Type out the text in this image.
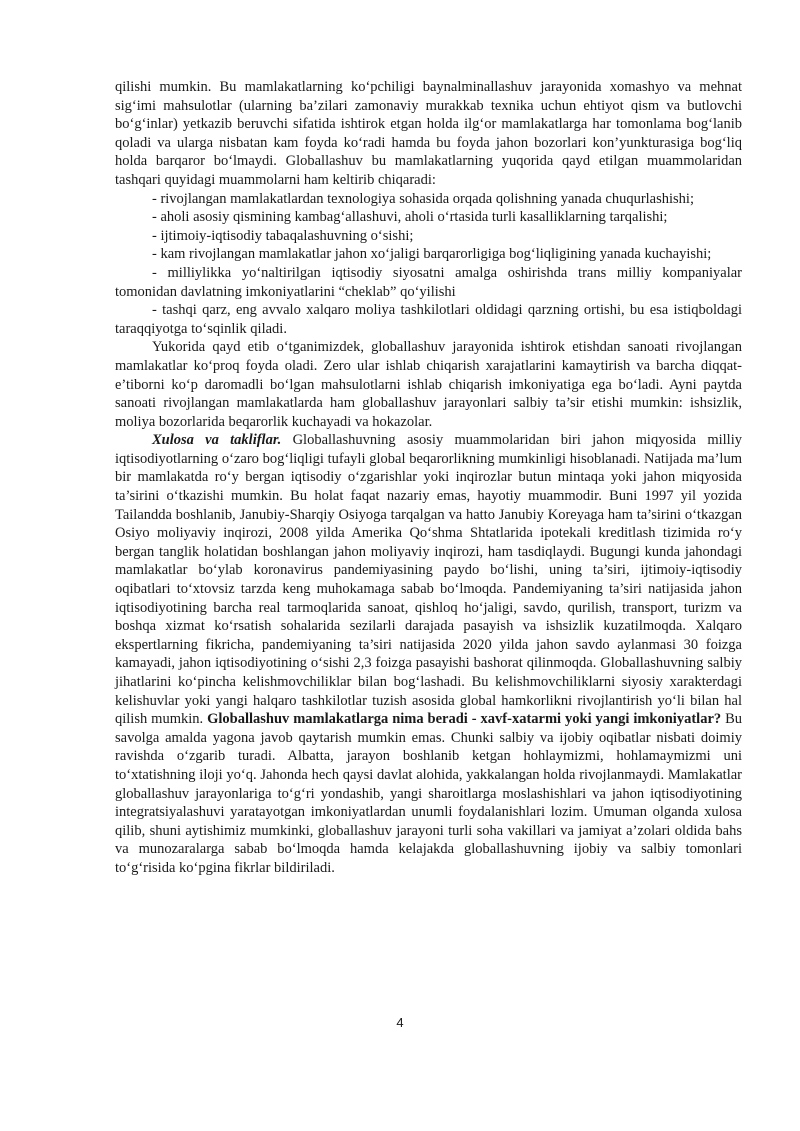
qilishi mumkin. Bu mamlakatlarning ko‘pchiligi baynalminallashuv jarayonida xomashyo va mehnat sig‘imi mahsulotlar (ularning ba’zilari zamonaviy murakkab texnika uchun ehtiyot qism va butlovchi bo‘g‘inlar) yetkazib beruvchi sifatida ishtirok etgan holda ilg‘or mamlakatlarga har tomonlama bog‘lanib qoladi va ularga nisbatan kam foyda ko‘radi hamda bu foyda jahon bozorlari kon’yunkturasiga bog‘liq holda barqaror bo‘lmaydi. Globallashuv bu mamlakatlarning yuqorida qayd etilgan muammolaridan tashqari quyidagi muammolarni ham keltirib chiqaradi:

- rivojlangan mamlakatlardan texnologiya sohasida orqada qolishning yanada chuqurlashishi;

- aholi asosiy qismining kambag‘allashuvi, aholi o‘rtasida turli kasalliklarning tarqalishi;

- ijtimoiy-iqtisodiy tabaqalashuvning o‘sishi;

- kam rivojlangan mamlakatlar jahon xo‘jaligi barqarorligiga bog‘liqligining yanada kuchayishi;

- milliylikka yo‘naltirilgan iqtisodiy siyosatni amalga oshirishda trans milliy kompaniyalar tomonidan davlatning imkoniyatlarini “cheklab” qo‘yilishi

- tashqi qarz, eng avvalo xalqaro moliya tashkilotlari oldidagi qarzning ortishi, bu esa istiqboldagi taraqqiyotga to‘sqinlik qiladi.

Yukorida qayd etib o‘tganimizdek, globallashuv jarayonida ishtirok etishdan sanoati rivojlangan mamlakatlar ko‘proq foyda oladi. Zero ular ishlab chiqarish xarajatlarini kamaytirish va barcha diqqat-e’tiborni ko‘p daromadli bo‘lgan mahsulotlarni ishlab chiqarish imkoniyatiga ega bo‘ladi. Ayni paytda sanoati rivojlangan mamlakatlarda ham globallashuv jarayonlari salbiy ta’sir etishi mumkin: ishsizlik, moliya bozorlarida beqarorlik kuchayadi va hokazolar.

Xulosa va takliflar. Globallashuvning asosiy muammolaridan biri jahon miqyosida milliy iqtisodiyotlarning o‘zaro bog‘liqligi tufayli global beqarorlikning mumkinligi hisoblanadi. Natijada ma’lum bir mamlakatda ro‘y bergan iqtisodiy o‘zgarishlar yoki inqirozlar butun mintaqa yoki jahon miqyosida ta’sirini o‘tkazishi mumkin. Bu holat faqat nazariy emas, hayotiy muammodir. Buni 1997 yil yozida Tailandda boshlanib, Janubiy-Sharqiy Osiyoga tarqalgan va hatto Janubiy Koreyaga ham ta’sirini o‘tkazgan Osiyo moliyaviy inqirozi, 2008 yilda Amerika Qo‘shma Shtatlarida ipotekali kreditlash tizimida ro‘y bergan tanglik holatidan boshlangan jahon moliyaviy inqirozi, ham tasdiqlaydi. Bugungi kunda jahondagi mamlakatlar bo‘ylab koronavirus pandemiyasining paydo bo‘lishi, uning ta’siri, ijtimoiy-iqtisodiy oqibatlari to‘xtovsiz tarzda keng muhokamaga sabab bo‘lmoqda. Pandemiyaning ta’siri natijasida jahon iqtisodiyotining barcha real tarmoqlarida sanoat, qishloq ho‘jaligi, savdo, qurilish, transport, turizm va boshqa xizmat ko‘rsatish sohalarida sezilarli darajada pasayish va ishsizlik kuzatilmoqda. Xalqaro ekspertlarning fikricha, pandemiyaning ta’siri natijasida 2020 yilda jahon savdo aylanmasi 30 foizga kamayadi, jahon iqtisodiyotining o‘sishi 2,3 foizga pasayishi bashorat qilinmoqda. Globallashuvning salbiy jihatlarini ko‘pincha kelishmovchiliklar bilan bog‘lashadi. Bu kelishmovchiliklarni siyosiy xarakterdagi kelishuvlar yoki yangi halqaro tashkilotlar tuzish asosida global hamkorlikni rivojlantirish yo‘li bilan hal qilish mumkin. Globallashuv mamlakatlarga nima beradi - xavf-xatarmi yoki yangi imkoniyatlar? Bu savolga amalda yagona javob qaytarish mumkin emas. Chunki salbiy va ijobiy oqibatlar nisbati doimiy ravishda o‘zgarib turadi. Albatta, jarayon boshlanib ketgan hohlaymizmi, hohlamaymizmi uni to‘xtatishning iloji yo‘q. Jahonda hech qaysi davlat alohida, yakkalangan holda rivojlanmaydi. Mamlakatlar globallashuv jarayonlariga to‘g‘ri yondashib, yangi sharoitlarga moslashishlari va jahon iqtisodiyotining integratsiyalashuvi yaratayotgan imkoniyatlardan unumli foydalanishlari lozim. Umuman olganda xulosa qilib, shuni aytishimiz mumkinki, globallashuv jarayoni turli soha vakillari va jamiyat a’zolari oldida bahs va munozaralarga sabab bo‘lmoqda hamda kelajakda globallashuvning ijobiy va salbiy tomonlari to‘g‘risida ko‘pgina fikrlar bildiriladi.

4
